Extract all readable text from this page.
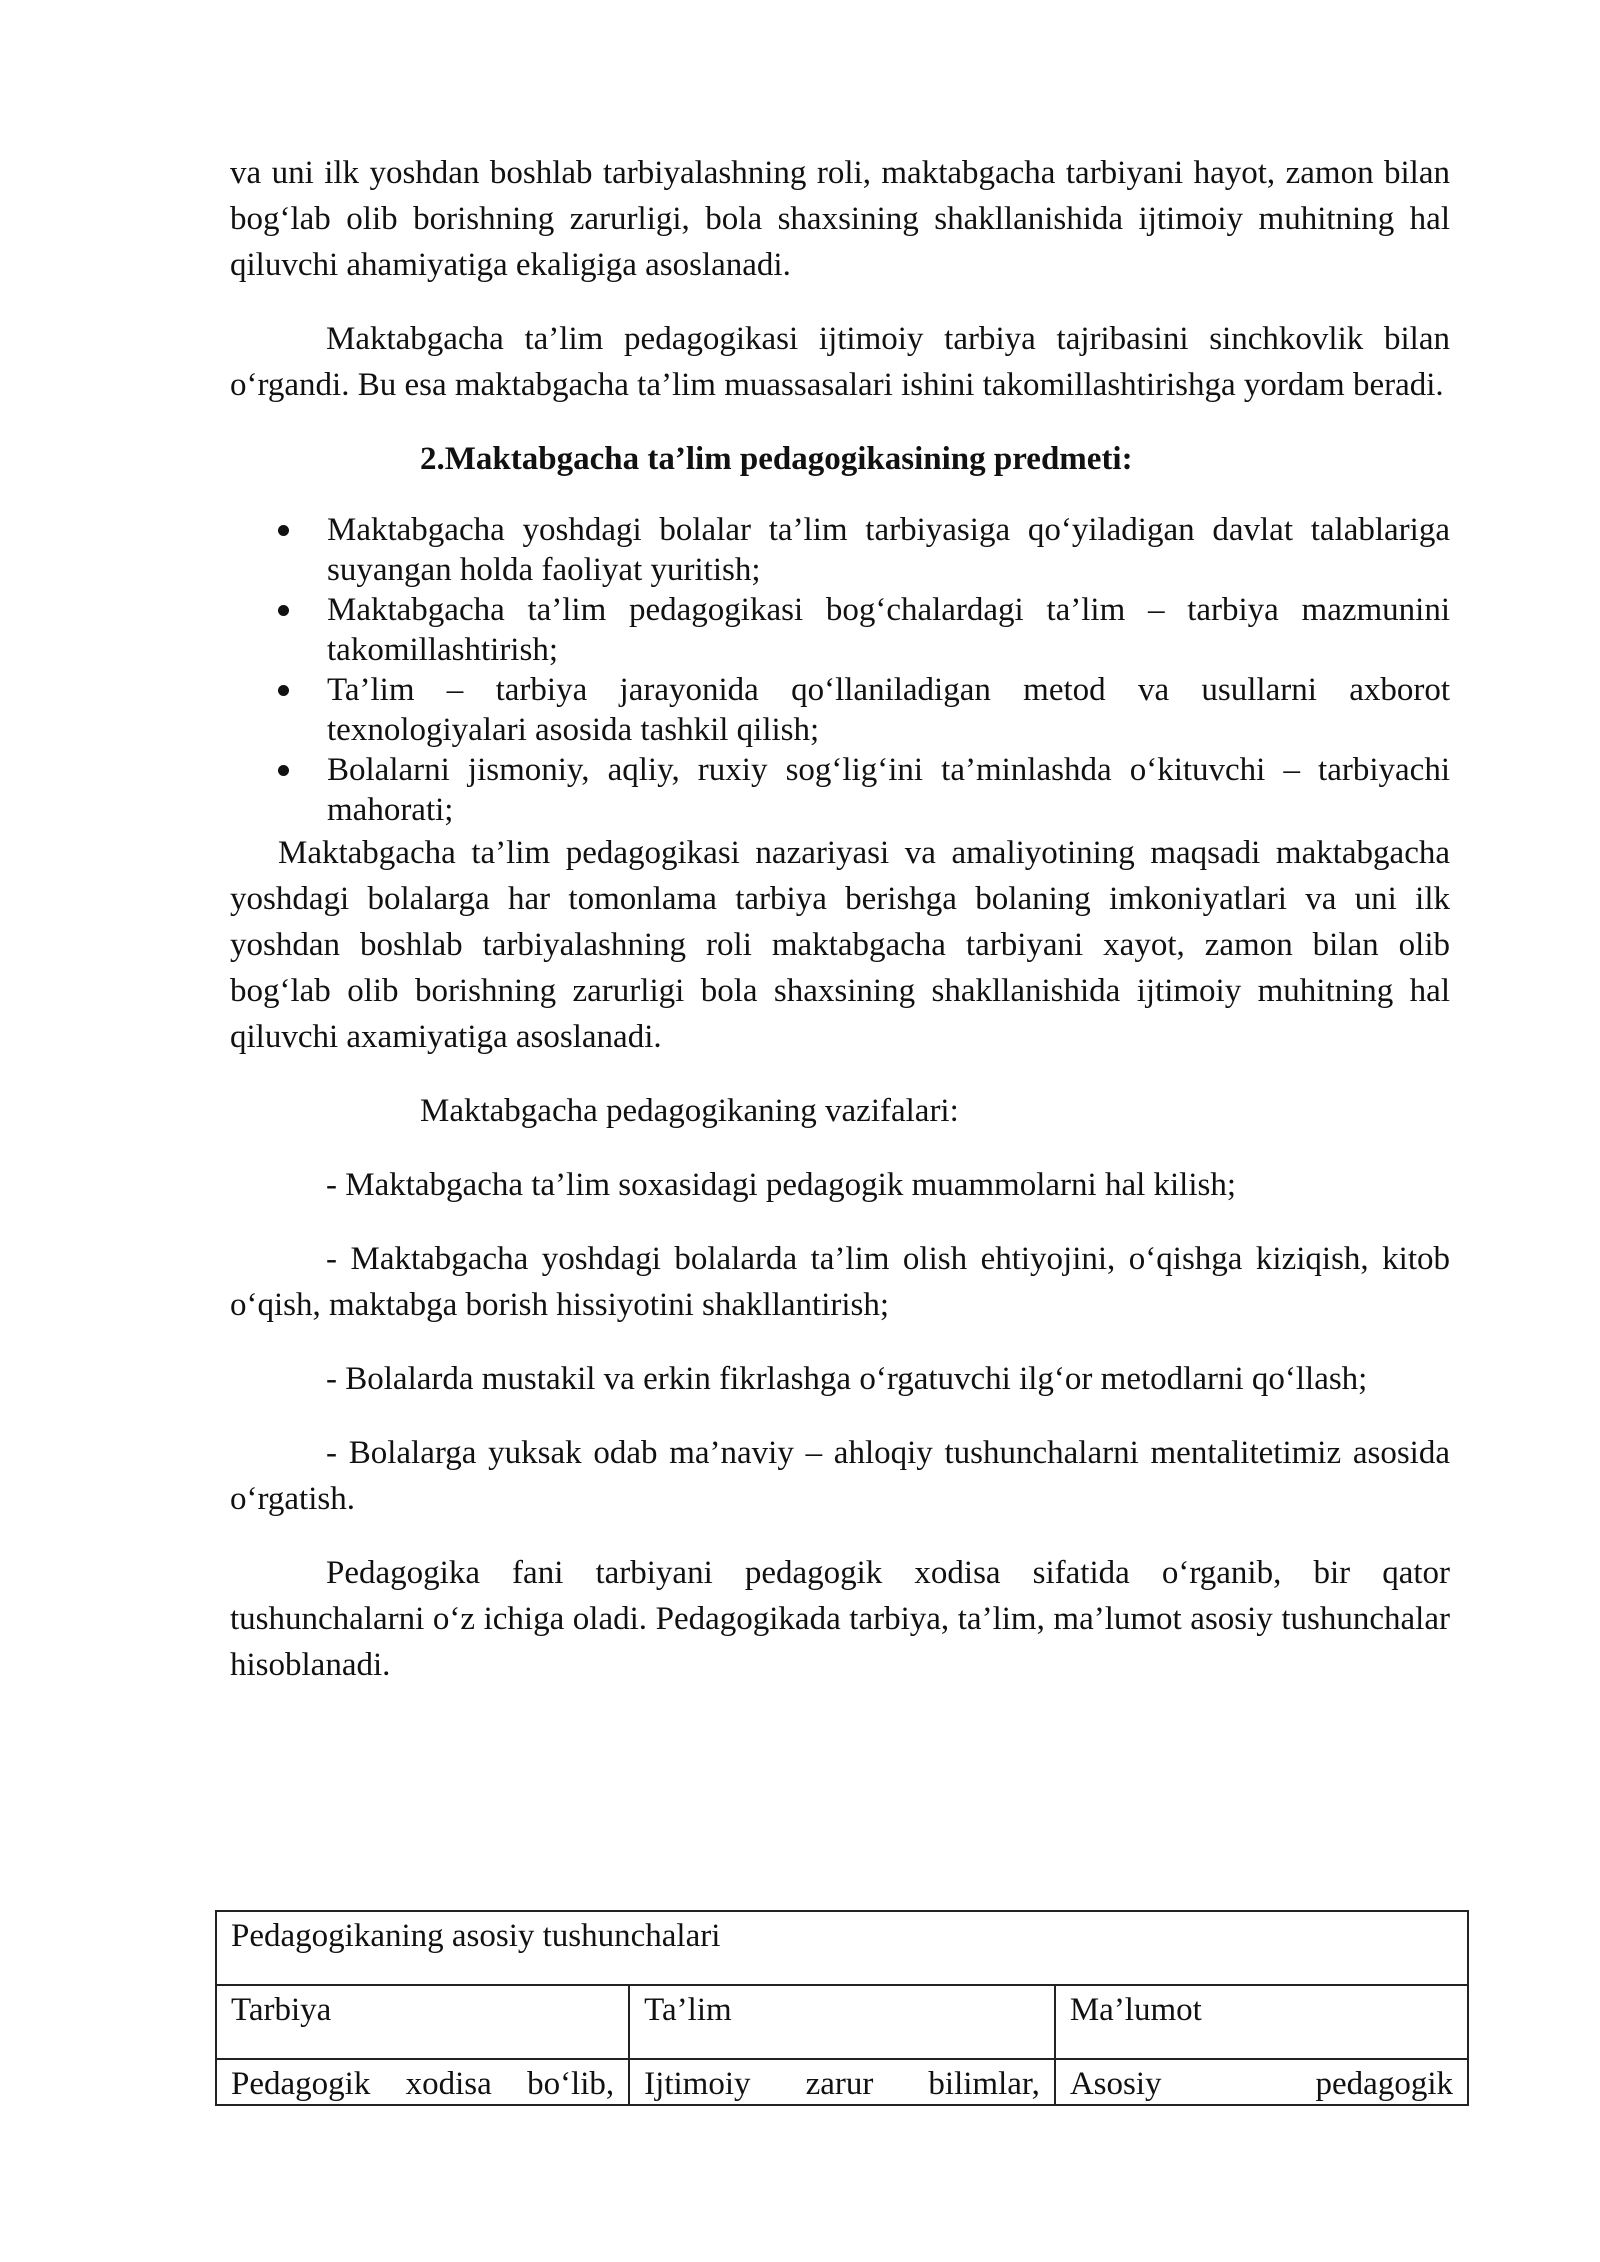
va uni ilk yoshdan boshlab tarbiyalashning roli, maktabgacha tarbiyani hayot, zamon bilan bog‘lab olib borishning zarurligi, bola shaxsining shakllanishida ijtimoiy muhitning hal qiluvchi ahamiyatiga ekaligiga asoslanadi.

Maktabgacha ta’lim pedagogikasi ijtimoiy tarbiya tajribasini sinchkovlik bilan o‘rgandi. Bu esa maktabgacha ta’lim muassasalari ishini takomillashtirishga yordam beradi.

2.Maktabgacha ta’lim pedagogikasining predmeti:

Maktabgacha yoshdagi bolalar ta’lim tarbiyasiga qo‘yiladigan davlat talablariga suyangan holda faoliyat yuritish;
Maktabgacha ta’lim pedagogikasi bog‘chalardagi ta’lim – tarbiya mazmunini takomillashtirish;
Ta’lim – tarbiya jarayonida qo‘llaniladigan metod va usullarni axborot texnologiyalari asosida tashkil qilish;
Bolalarni jismoniy, aqliy, ruxiy sog‘lig‘ini ta’minlashda o‘kituvchi – tarbiyachi mahorati;

Maktabgacha ta’lim pedagogikasi nazariyasi va amaliyotining maqsadi maktabgacha yoshdagi bolalarga har tomonlama tarbiya berishga bolaning imkoniyatlari va uni ilk yoshdan boshlab tarbiyalashning roli maktabgacha tarbiyani xayot, zamon bilan olib bog‘lab olib borishning zarurligi bola shaxsining shakllanishida ijtimoiy muhitning hal qiluvchi axamiyatiga asoslanadi.

Maktabgacha pedagogikaning vazifalari:

- Maktabgacha ta’lim soxasidagi pedagogik muammolarni hal kilish;

- Maktabgacha yoshdagi bolalarda ta’lim olish ehtiyojini, o‘qishga kiziqish, kitob o‘qish, maktabga borish hissiyotini shakllantirish;

- Bolalarda mustakil va erkin fikrlashga o‘rgatuvchi ilg‘or metodlarni qo‘llash;

- Bolalarga yuksak odab ma’naviy – ahloqiy tushunchalarni mentalitetimiz asosida o‘rgatish.

Pedagogika fani tarbiyani pedagogik xodisa sifatida o‘rganib, bir qator tushunchalarni o‘z ichiga oladi. Pedagogikada tarbiya, ta’lim, ma’lumot asosiy tushunchalar hisoblanadi.

Pedagogikaning asosiy tushunchalari		
Tarbiya	Ta’lim	Ma’lumot
Pedagogik xodisa bo‘lib,	Ijtimoiy zarur bilimlar,	Asosiy pedagogik
